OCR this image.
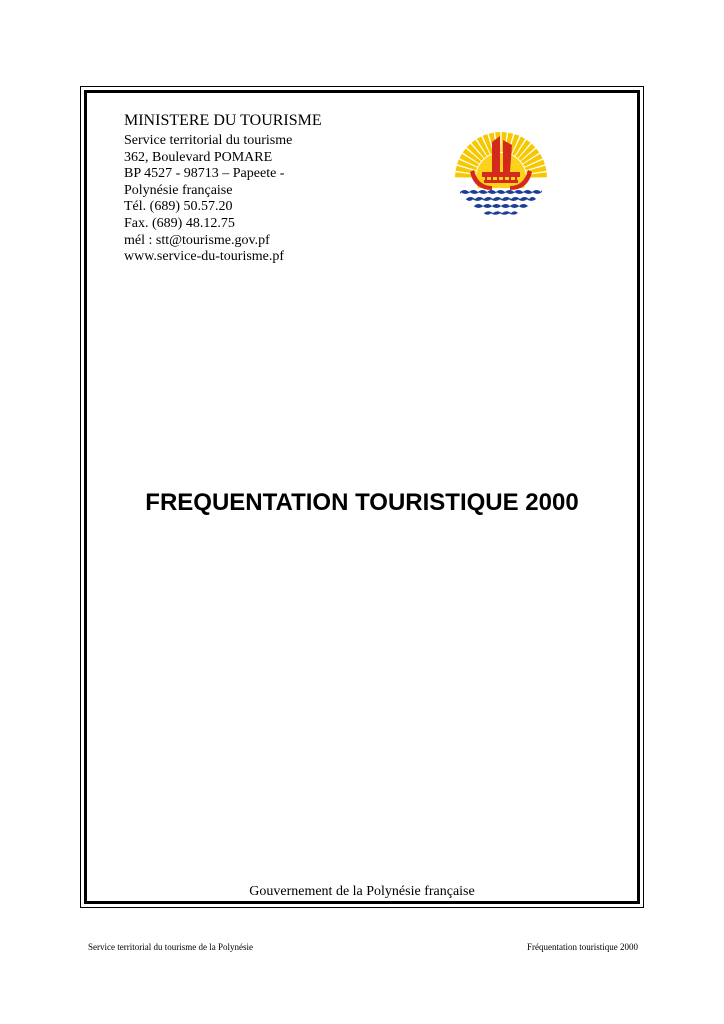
MINISTERE DU TOURISME
Service territorial du tourisme
362, Boulevard POMARE
BP 4527 - 98713 – Papeete -
Polynésie française
Tél. (689) 50.57.20
Fax. (689) 48.12.75
mél : stt@tourisme.gov.pf
www.service-du-tourisme.pf
FREQUENTATION TOURISTIQUE 2000
Gouvernement de la Polynésie française
Service territorial du tourisme de la Polynésie	Fréquentation touristique 2000
